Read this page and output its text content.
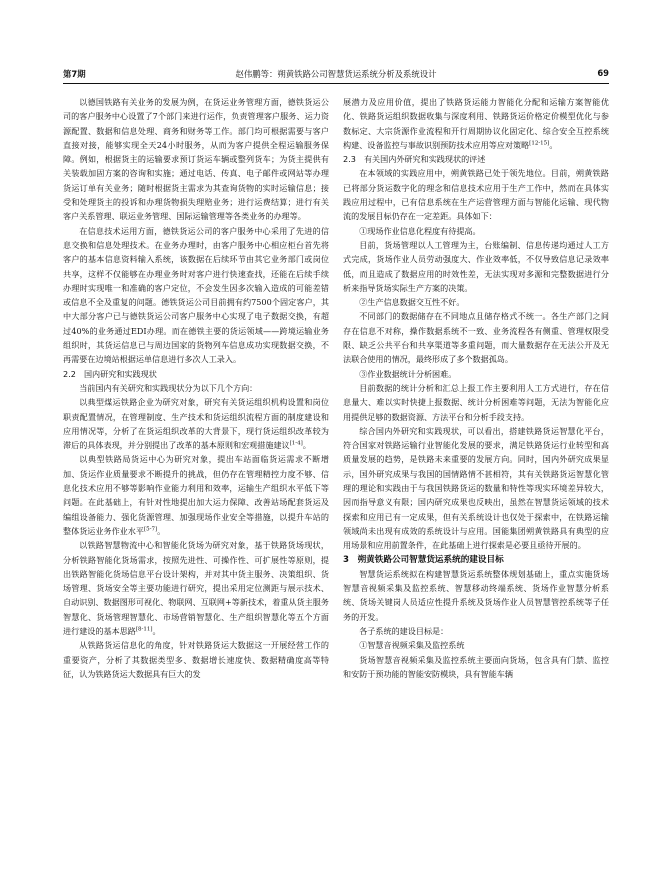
第7期	赵伟鹏等：朔黄铁路公司智慧货运系统分析及系统设计	69

以德国铁路有关业务的发展为例，在货运业务管理方面，德铁货运公司的客户服务中心设置了7个部门来进行运作，负责管理客户服务、运力资源配置、数据和信息处理、商务和财务等工作。部门均可根据需要与客户直接对接，能够实现全天24小时服务，从而为客户提供全程运输服务保障。例如，根据货主的运输要求预订货运车辆或整列货车；为货主提供有关装载加固方案的咨询和实施；通过电话、传真、电子邮件或网站等办理货运订单有关业务；随时根据货主需求为其查询货物的实时运输信息；接受和处理货主的投诉和办理货物损失理赔业务；进行运费结算；进行有关客户关系管理、联运业务管理、国际运输管理等各类业务的办理等。

在信息技术运用方面，德铁货运公司的客户服务中心采用了先进的信息交换和信息处理技术。在业务办理时，由客户服务中心相应柜台首先将客户的基本信息资料输入系统，该数据在后续环节由其它业务部门或岗位共享，这样不仅能够在办理业务时对客户进行快速查找，还能在后续手续办理时实现唯一和准确的客户定位，不会发生因多次输入造成的可能差错或信息不全及重复的问题。德铁货运公司目前拥有约7500个固定客户，其中大部分客户已与德铁货运公司客户服务中心实现了电子数据交换，有超过40%的业务通过EDI办理。而在德铁主要的货运领域——跨境运输业务组织时，其货运信息已与周边国家的货物列车信息成功实现数据交换，不再需要在边境站根据运单信息进行多次人工录入。

2.2　国内研究和实践现状

当前国内有关研究和实践现状分为以下几个方向：

以典型煤运铁路企业为研究对象，研究有关货运组织机构设置和岗位职责配置情况，在管理制度、生产技术和货运组织流程方面的制度建设和应用情况等，分析了在货运组织改革的大背景下，现行货运组织改革较为滞后的具体表现，并分别提出了改革的基本原则和宏观措施建议[1-4]。

以典型铁路局货运中心为研究对象，提出车站面临货运需求不断增加、货运作业质量要求不断提升的挑战，但仍存在管理精控力度不够、信息化技术应用不够等影响作业能力利用和效率，运输生产组织水平低下等问题。在此基础上，有针对性地提出加大运力保障、改善站场配套货运及编组设备能力、强化货源管理、加强现场作业安全等措施，以提升车站的整体货运业务作业水平[5-7]。

以铁路智慧物流中心和智能化货场为研究对象，基于铁路货场现状，分析铁路智能化货场需求，按照先进性、可操作性、可扩展性等原则，提出铁路智能化货场信息平台设计架构，并对其中货主服务、决策组织、货场管理、货场安全等主要功能进行研究，提出采用定位测距与展示技术、自动识别、数据图形可视化、物联网、互联网+等新技术，着重从货主服务智慧化、货场管理智慧化、市场营销智慧化、生产组织智慧化等五个方面进行建设的基本思路[8-11]。

从铁路货运信息化的角度，针对铁路货运大数据这一开展经营工作的重要资产，分析了其数据类型多、数据增长速度快、数据精确度高等特征，认为铁路货运大数据具有巨大的发

展潜力及应用价值，提出了铁路货运能力智能化分配和运输方案智能优化、铁路货运组织数据收集与深度利用、铁路货运价格定价模型优化与参数标定、大宗货源作业流程和开行周期协议化固定化、综合安全互控系统构建、设备监控与事故识别预防技术应用等应对策略[12-15]。

2.3　有关国内外研究和实践现状的评述

在本领域的实践应用中，朔黄铁路已处于领先地位。目前，朔黄铁路已将部分货运数字化的理念和信息技术应用于生产工作中，然而在具体实践应用过程中，已有信息系统在生产运营管理方面与智能化运输、现代物流的发展目标仍存在一定差距。具体如下：

①现场作业信息化程度有待提高。

目前，货场管理以人工管理为主，台账编制、信息传递均通过人工方式完成，货场作业人员劳动强度大、作业效率低，不仅导致信息记录效率低，而且造成了数据应用的时效性差，无法实现对多源和完整数据进行分析来指导货场实际生产方案的决策。

②生产信息数据交互性不好。

不同部门的数据储存在不同地点且储存格式不统一。各生产部门之间存在信息不对称，操作数据系统不一致、业务流程各有侧重、管理权限受限、缺乏公共平台和共享渠道等多重问题，而大量数据存在无法公开及无法联合使用的情况，最终形成了多个数据孤岛。

③作业数据统计分析困难。

目前数据的统计分析和汇总上报工作主要利用人工方式进行，存在信息量大、难以实时快捷上报数据、统计分析困难等问题，无法为智能化应用提供足够的数据资源、方法平台和分析手段支持。

综合国内外研究和实践现状，可以看出，搭建铁路货运智慧化平台，符合国家对铁路运输行业智能化发展的要求，满足铁路货运行业转型和高质量发展的趋势，是铁路未来重要的发展方向。同时，国内外研究成果显示，国外研究成果与我国的国情路情不甚相符，其有关铁路货运智慧化管理的理论和实践由于与我国铁路货运的数量和特性等现实环境差异较大，因而指导意义有限；国内研究成果也反映出，虽然在智慧货运领域的技术探索和应用已有一定成果，但有关系统设计也仅处于探索中，在铁路运输领域尚未出现有成效的系统设计与应用。国能集团朔黄铁路具有典型的应用场景和应用前置条件，在此基础上进行探索是必要且亟待开展的。

3　朔黄铁路公司智慧货运系统的建设目标

智慧货运系统拟在构建智慧货运系统整体规划基础上，重点实施货场智慧音视频采集及监控系统、智慧移动终端系统、货场作业智慧分析系统、货场关键岗人员适应性提升系统及货场作业人员智慧管控系统等子任务的开发。

各子系统的建设目标是：

①智慧音视频采集及监控系统

货场智慧音视频采集及监控系统主要面向货场，包含具有门禁、监控和安防于预功能的智能安防模块，具有智能车辆
